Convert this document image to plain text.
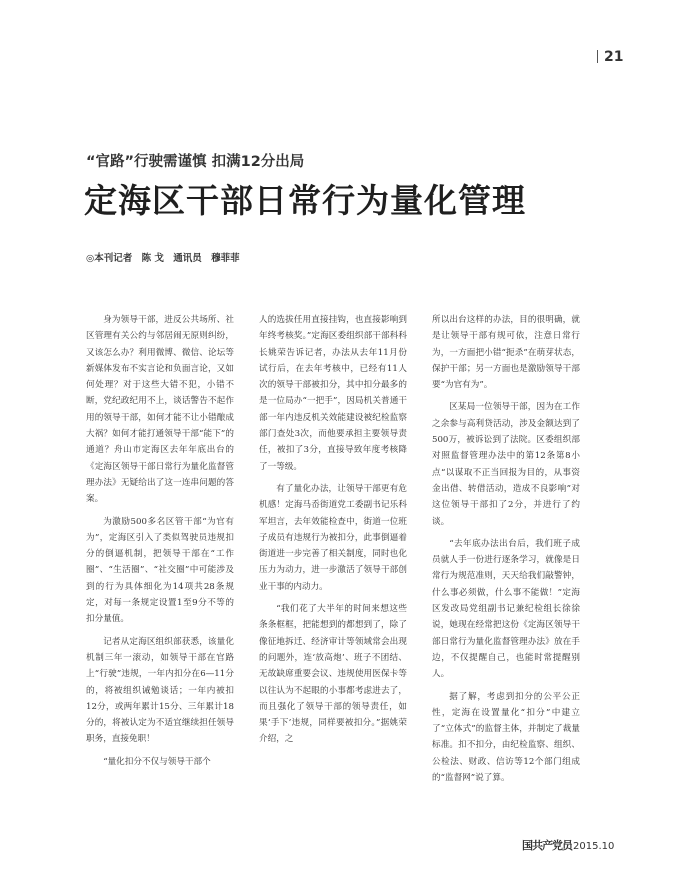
21
“官路”行驶需谨慎 扣满12分出局
定海区干部日常行为量化管理
◎本刊记者 陈 戈 通讯员 穆菲菲

身为领导干部，进反公共场所、社区管理有关公约与邻居闹无原则纠纷，又该怎么办？利用微博、微信、论坛等新媒体发布不实言论和负面言论，又如何处理？对于这些大错不犯，小错不断，党纪政纪用不上，谈话警告不起作用的领导干部，如何才能不让小错酿成大祸？如何才能打通领导干部“能下”的通道？舟山市定海区去年年底出台的《定海区领导干部日常行为量化监督管理办法》无疑给出了这一连串问题的答案。

为激励500多名区管干部“为官有为”，定海区引入了类似驾驶员违规扣分的倒逼机制，把领导干部在“工作圈”、“生活圈”、“社交圈”中可能涉及到的行为具体细化为14项共28条规定，对每一条规定设置1至9分不等的扣分量值。

记者从定海区组织部获悉，该量化机制三年一滚动，如领导干部在官路上“行驶”违规，一年内扣分在6—11分的，将被组织诫勉谈话；一年内被扣12分，或两年累计15分、三年累计18分的，将被认定为不适宜继续担任领导职务，直接免职！

“量化扣分不仅与领导干部个

人的选拔任用直接挂钩，也直接影响到年终考核奖。”定海区委组织部干部科科长姚荣告诉记者，办法从去年11月份试行后，在去年考核中，已经有11人次的领导干部被扣分，其中扣分最多的是一位局办“一把手”，因局机关普通干部一年内违反机关效能建设被纪检监察部门查处3次，而他要承担主要领导责任，被扣了3分，直接导致年度考核降了一等级。

有了量化办法，让领导干部更有危机感！定海马岙街道党工委副书记乐科军坦言，去年效能检查中，街道一位班子成员有违规行为被扣分，此事倒逼着街道进一步完善了相关制度，同时也化压力为动力，进一步激活了领导干部创业干事的内动力。

“我们花了大半年的时间来想这些条条框框，把能想到的都想到了，除了像征地拆迁、经济审计等领域常会出现的问题外，连‘放高炮’、班子不团结、无故缺席重要会议、违规使用医保卡等以往认为不起眼的小事都考虑进去了，而且强化了领导干部的领导责任，如果‘手下’违规，同样要被扣分。”据姚荣介绍，之

所以出台这样的办法，目的很明确，就是让领导干部有规可依，注意日常行为，一方面把小错“扼杀”在萌芽状态，保护干部；另一方面也是激励领导干部要“为官有为”。

区某局一位领导干部，因为在工作之余参与高利贷活动，涉及金额达到了500万，被诉讼到了法院。区委组织部对照监督管理办法中的第12条第8小点“以谋取不正当回报为目的，从事资金出借、转借活动，造成不良影响”对这位领导干部扣了2分，并进行了约谈。

“去年底办法出台后，我们班子成员就人手一份进行逐条学习，就像是日常行为规范准则，天天给我们敲警钟，什么事必须做，什么事不能做！”定海区发改局党组副书记兼纪检组长徐徐说，她现在经常把这份《定海区领导干部日常行为量化监督管理办法》放在手边，不仅提醒自己，也能时常提醒别人。

据了解，考虑到扣分的公平公正性，定海在设置量化“扣分”中建立了“立体式”的监督主体，并制定了裁量标准。扣不扣分，由纪检监察、组织、公检法、财政、信访等12个部门组成的“监督网”说了算。

国共产党员2015.10
